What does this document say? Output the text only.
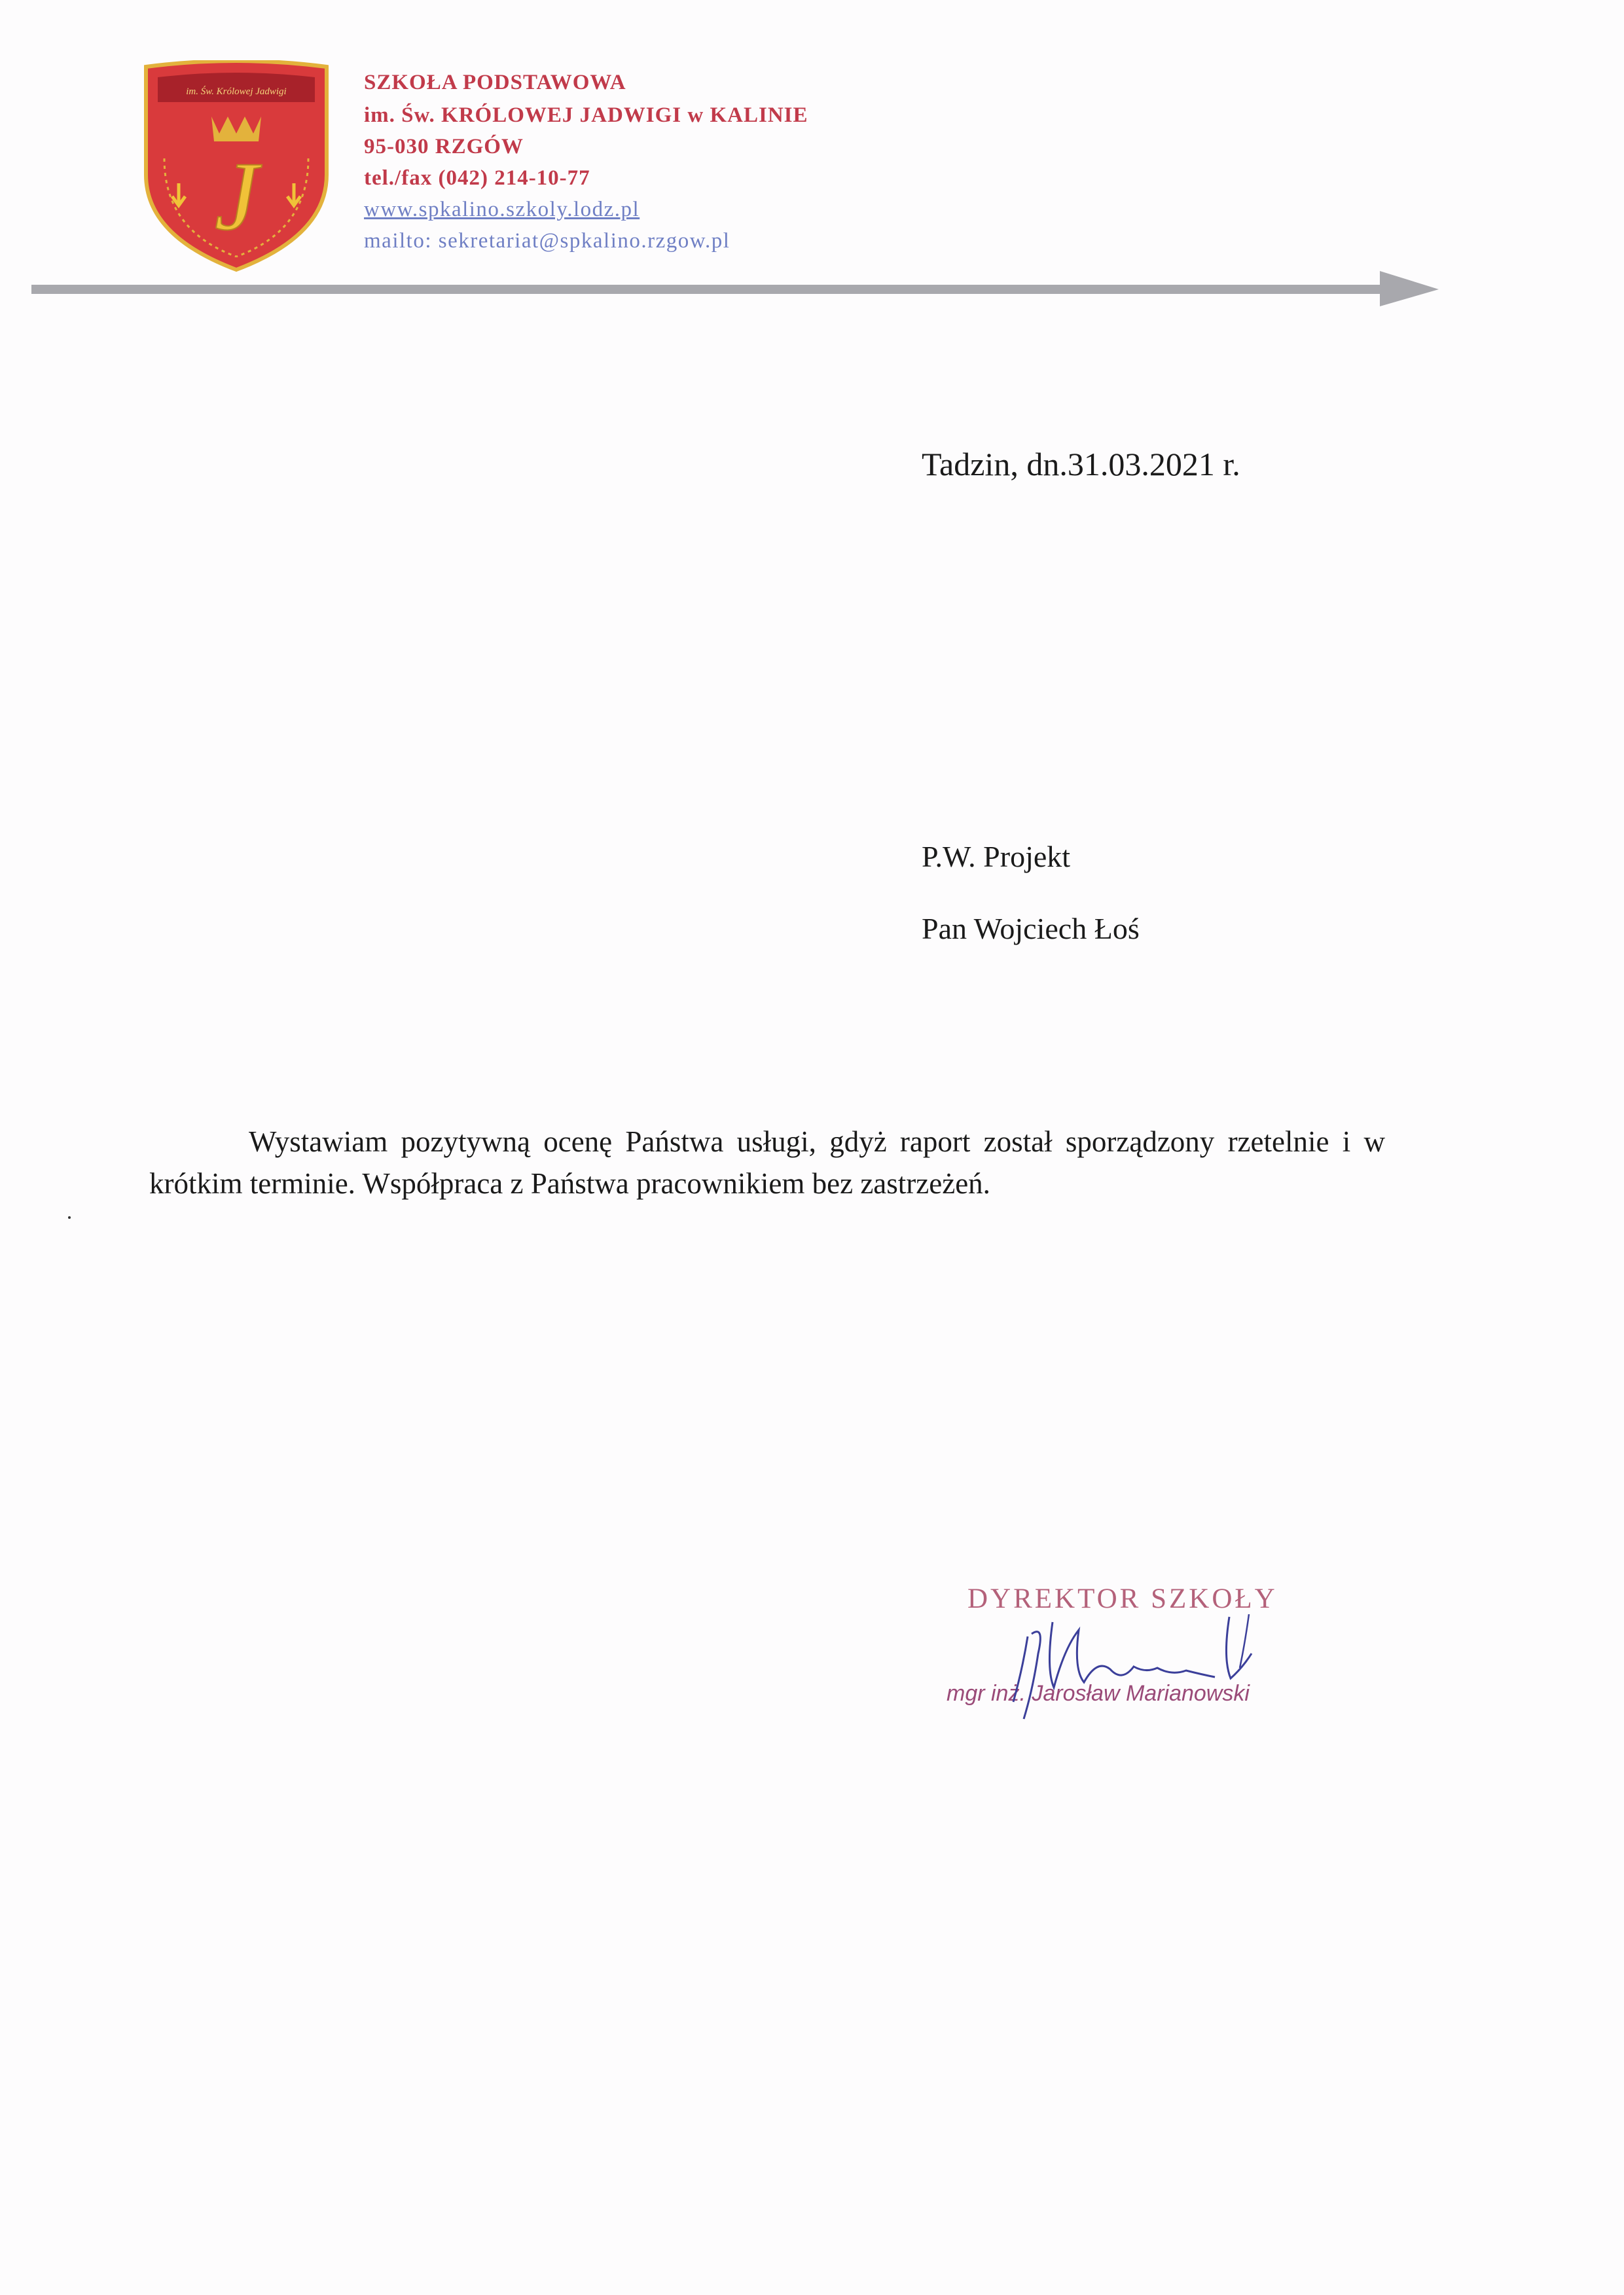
im. Św. Królowej Jadwigi
J

SZKOŁA PODSTAWOWA

im. Św. KRÓLOWEJ JADWIGI w KALINIE

95-030 RZGÓW

tel./fax (042) 214-10-77

www.spkalino.szkoly.lodz.pl

mailto: sekretariat@spkalino.rzgow.pl

Tadzin, dn.31.03.2021 r.

P.W. Projekt

Pan Wojciech Łoś

Wystawiam pozytywną ocenę Państwa usługi, gdyż raport został sporządzony rzetelnie i w krótkim terminie. Współpraca z Państwa pracownikiem bez zastrzeżeń.

DYREKTOR SZKOŁY

mgr inż. Jarosław Marianowski
